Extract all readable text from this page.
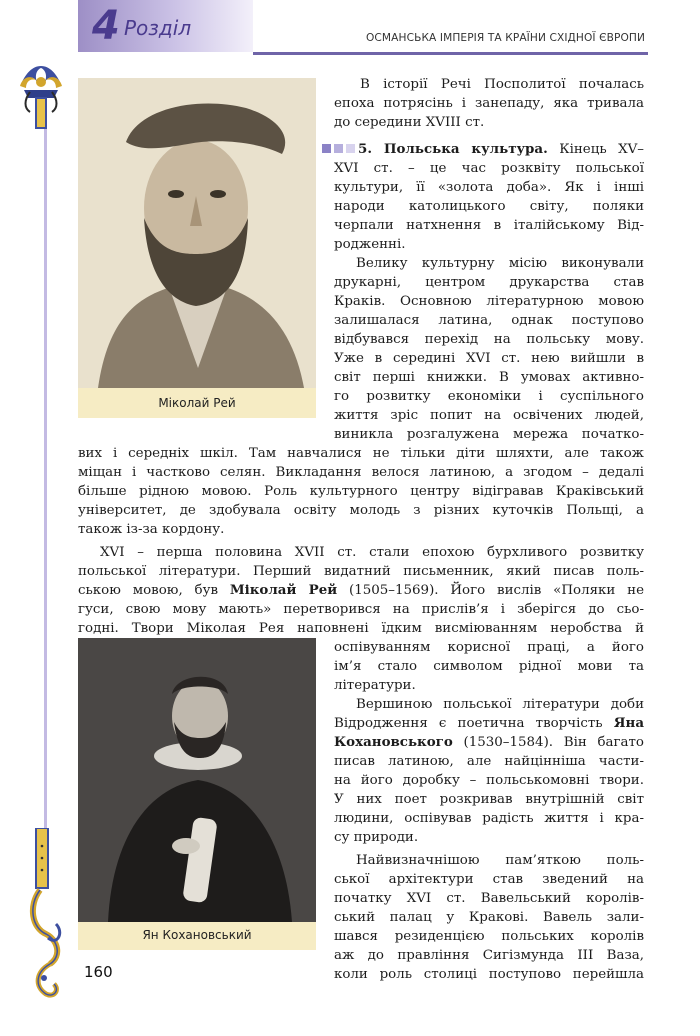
4 Розділ	ОСМАНСЬКА ІМПЕРІЯ ТА КРАЇНИ СХІДНОЇ ЄВРОПИ
Міколай Рей
Ян Кохановський
В історії Речі Посполитої почалась
епоха потрясінь і занепаду, яка тривала
до середини XVIII ст.
5. Польська культура. Кінець XV–
XVI ст. – це час розквіту польської
культури, її «золота доба». Як і інші
народи католицького світу, поляки
черпали натхнення в італійському Від-
родженні.
Велику культурну місію виконували
друкарні, центром друкарства став
Краків. Основною літературною мовою
залишалася латина, однак поступово
відбувався перехід на польську мову.
Уже в середині XVI ст. нею вийшли в
світ перші книжки. В умовах активно-
го розвитку економіки і суспільного
життя зріс попит на освічених людей,
виникла розгалужена мережа початко-
вих і середніх шкіл. Там навчалися не тільки діти шляхти, але також
міщан і частково селян. Викладання велося латиною, а згодом – дедалі
більше рідною мовою. Роль культурного центру відігравав Краківський
університет, де здобувала освіту молодь з різних куточків Польщі, а
також із-за кордону.
XVI – перша половина XVII ст. стали епохою бурхливого розвитку
польської літератури. Перший видатний письменник, який писав поль-
ською мовою, був Міколай Рей (1505–1569). Його вислів «Поляки не
гуси, свою мову мають» перетворився на прислів’я і зберігся до сьо-
годні. Твори Міколая Рея наповнені їдким висміюванням неробства й
оспівуванням корисної праці, а його
ім’я стало символом рідної мови та
літератури.
Вершиною польської літератури доби
Відродження є поетична творчість Яна
Кохановського (1530–1584). Він багато
писав латиною, але найцінніша части-
на його доробку – польськомовні твори.
У них поет розкривав внутрішній світ
людини, оспівував радість життя і кра-
су природи.
Найвизначнішою пам’яткою поль-
ської архітектури став зведений на
початку XVI ст. Вавельський королів-
ський палац у Кракові. Вавель зали-
шався резиденцією польських королів
аж до правління Сигізмунда III Ваза,
коли роль столиці поступово перейшла
160
